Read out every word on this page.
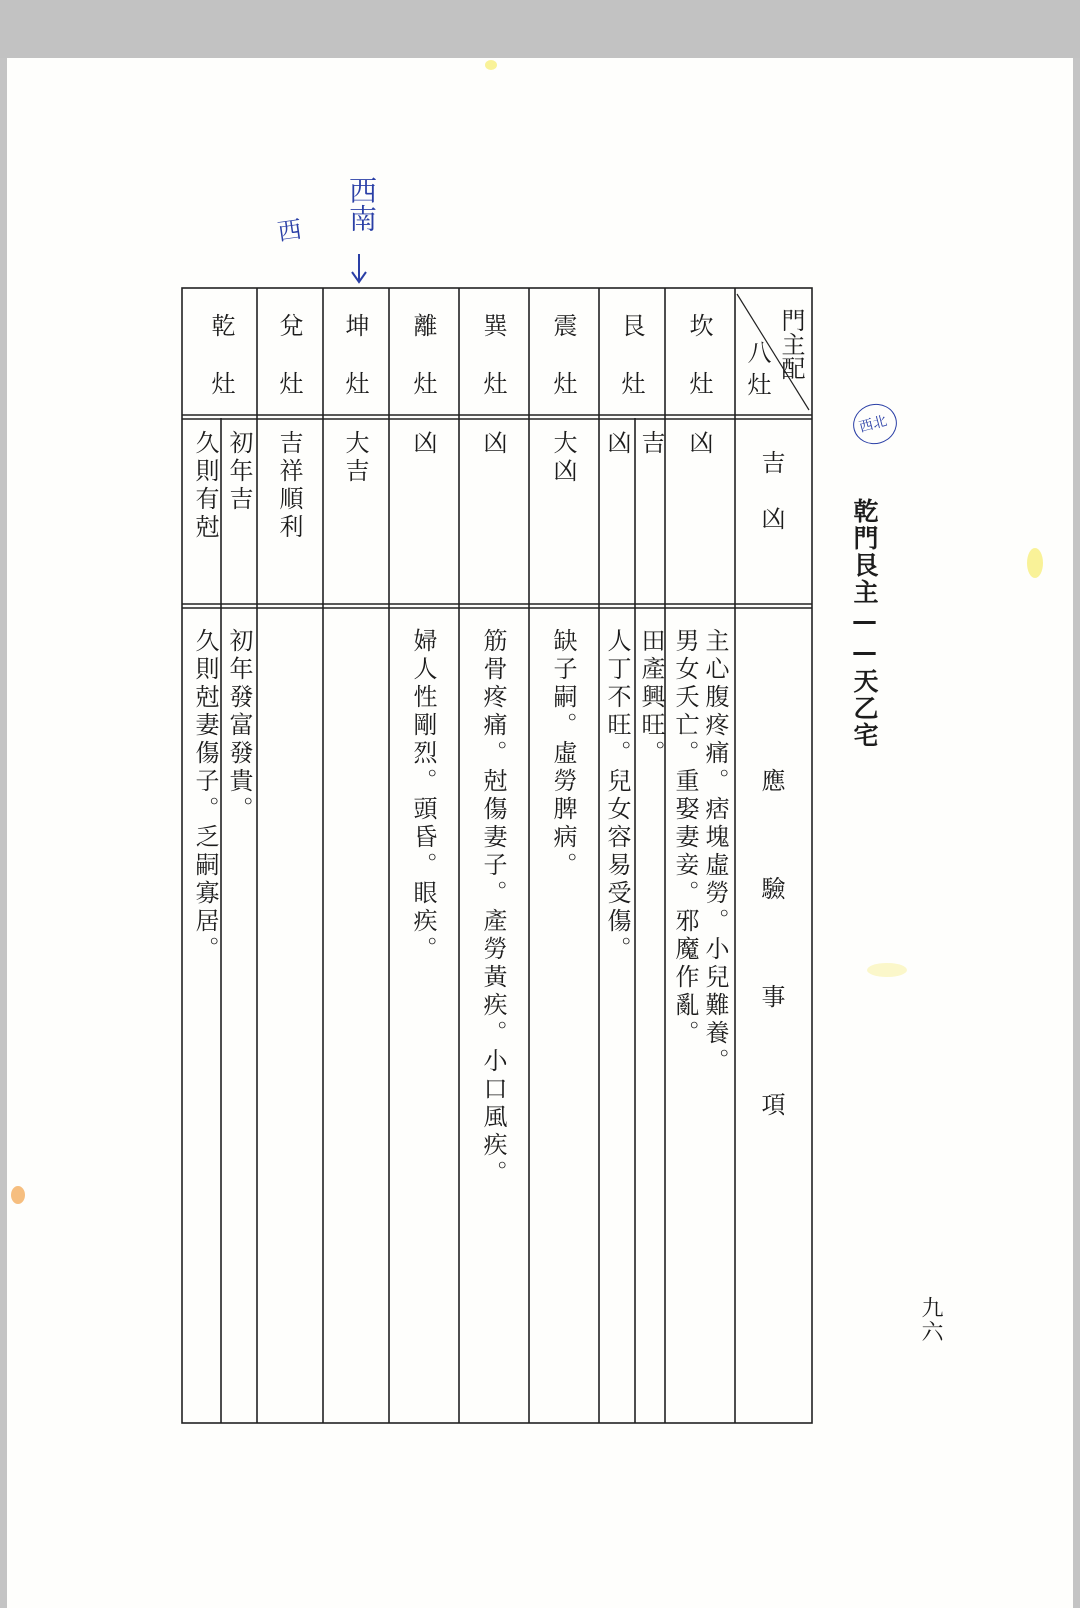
乾門艮主——天乙宅
九六
門主配
八灶
吉　凶
應　驗　事　項
坎灶
凶
主心腹疼痛。痞塊虛勞。小兒難養。
男女夭亡。重娶妻妾。邪魔作亂。
艮灶
吉
凶
田產興旺。
人丁不旺。兒女容易受傷。
震灶
大凶
缺子嗣。虛勞脾病。
巽灶
凶
筋骨疼痛。尅傷妻子。產勞黃疾。小口風疾。
離灶
凶
婦人性剛烈。頭昏。眼疾。
坤灶
大吉
兌灶
吉祥順利
乾灶
初年吉
久則有尅
初年發富發貴。
久則尅妻傷子。乏嗣寡居。
西 西南
西北
